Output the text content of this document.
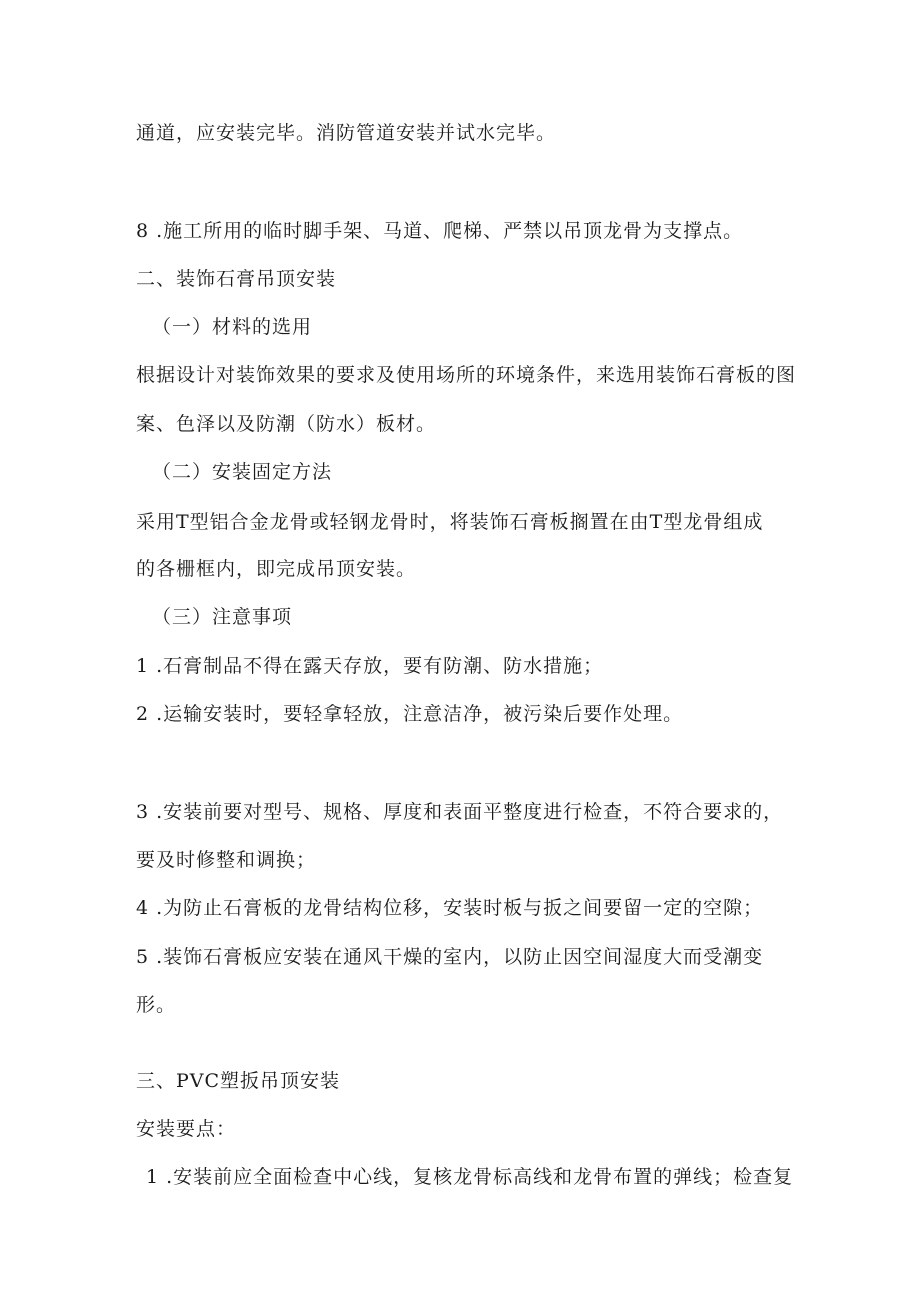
通道，应安装完毕。消防管道安装并试水完毕。
8 .施工所用的临时脚手架、马道、爬梯、严禁以吊顶龙骨为支撑点。
二、装饰石膏吊顶安装
（一）材料的选用
根据设计对装饰效果的要求及使用场所的环境条件，来选用装饰石膏板的图
案、色泽以及防潮（防水）板材。
（二）安装固定方法
采用T型铝合金龙骨或轻钢龙骨时，将装饰石膏板搁置在由T型龙骨组成
的各栅框内，即完成吊顶安装。
（三）注意事项
1 .石膏制品不得在露天存放，要有防潮、防水措施；
2 .运输安装时，要轻拿轻放，注意洁净，被污染后要作处理。
3 .安装前要对型号、规格、厚度和表面平整度进行检查，不符合要求的，
要及时修整和调换；
4 .为防止石膏板的龙骨结构位移，安装时板与扳之间要留一定的空隙；
5 .装饰石膏板应安装在通风干燥的室内，以防止因空间湿度大而受潮变
形。
三、PVC塑扳吊顶安装
安装要点：
1 .安装前应全面检查中心线，复核龙骨标高线和龙骨布置的弹线；检查复
